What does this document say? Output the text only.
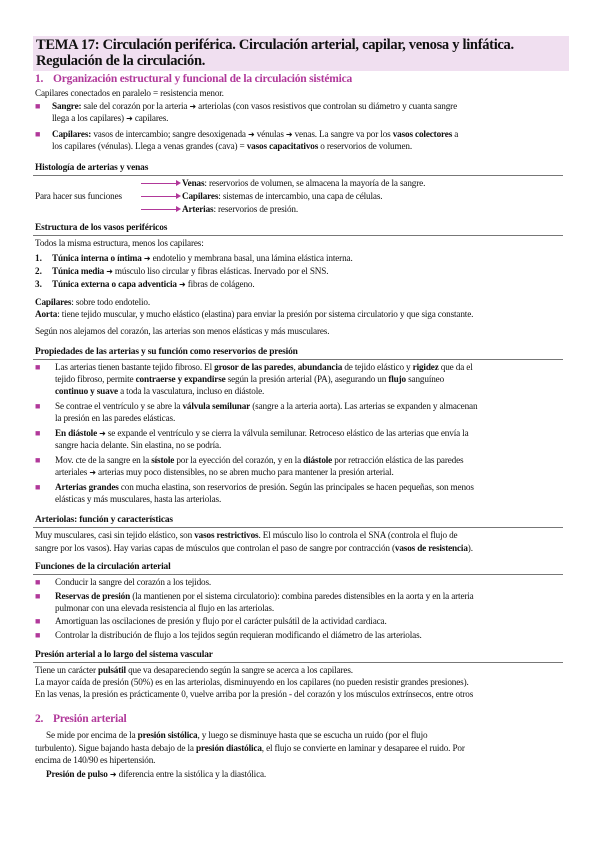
TEMA 17: Circulación periférica. Circulación arterial, capilar, venosa y linfática.
Regulación de la circulación.
1. Organización estructural y funcional de la circulación sistémica
Capilares conectados en paralelo = resistencia menor.
■ Sangre: sale del corazón por la arteria ➜ arteriolas (con vasos resistivos que controlan su diámetro y cuanta sangre
llega a los capilares) ➜ capilares.
■ Capilares: vasos de intercambio; sangre desoxigenada ➜ vénulas ➜ venas. La sangre va por los vasos colectores a
los capilares (vénulas). Llega a venas grandes (cava) = vasos capacitativos o reservorios de volumen.
Histología de arterias y venas
Venas: reservorios de volumen, se almacena la mayoría de la sangre.
Para hacer sus funciones	Capilares: sistemas de intercambio, una capa de células.
Arterias: reservorios de presión.
Estructura de los vasos periféricos
Todos la misma estructura, menos los capilares:
1. Túnica interna o íntima ➜ endotelio y membrana basal, una lámina elástica interna.
2. Túnica media ➜ músculo liso circular y fibras elásticas. Inervado por el SNS.
3. Túnica externa o capa adventicia ➜ fibras de colágeno.
Capilares: sobre todo endotelio.
Aorta: tiene tejido muscular, y mucho elástico (elastina) para enviar la presión por sistema circulatorio y que siga constante.
Según nos alejamos del corazón, las arterias son menos elásticas y más musculares.
Propiedades de las arterias y su función como reservorios de presión
■ Las arterias tienen bastante tejido fibroso. El grosor de las paredes, abundancia de tejido elástico y rigidez que da el
tejido fibroso, permite contraerse y expandirse según la presión arterial (PA), asegurando un flujo sanguíneo
continuo y suave a toda la vasculatura, incluso en diástole.
■ Se contrae el ventrículo y se abre la válvula semilunar (sangre a la arteria aorta). Las arterias se expanden y almacenan
la presión en las paredes elásticas.
■ En diástole ➜ se expande el ventrículo y se cierra la válvula semilunar. Retroceso elástico de las arterias que envía la
sangre hacia delante. Sin elastina, no se podría.
■ Mov. cte de la sangre en la sístole por la eyección del corazón, y en la diástole por retracción elástica de las paredes
arteriales ➜ arterias muy poco distensibles, no se abren mucho para mantener la presión arterial.
■ Arterias grandes con mucha elastina, son reservorios de presión. Según las principales se hacen pequeñas, son menos
elásticas y más musculares, hasta las arteriolas.
Arteriolas: función y características
Muy musculares, casi sin tejido elástico, son vasos restrictivos. El músculo liso lo controla el SNA (controla el flujo de
sangre por los vasos). Hay varias capas de músculos que controlan el paso de sangre por contracción (vasos de resistencia).
Funciones de la circulación arterial
■ Conducir la sangre del corazón a los tejidos.
■ Reservas de presión (la mantienen por el sistema circulatorio): combina paredes distensibles en la aorta y en la arteria
pulmonar con una elevada resistencia al flujo en las arteriolas.
■ Amortiguan las oscilaciones de presión y flujo por el carácter pulsátil de la actividad cardiaca.
■ Controlar la distribución de flujo a los tejidos según requieran modificando el diámetro de las arteriolas.
Presión arterial a lo largo del sistema vascular
Tiene un carácter pulsátil que va desapareciendo según la sangre se acerca a los capilares.
La mayor caída de presión (50%) es en las arteriolas, disminuyendo en los capilares (no pueden resistir grandes presiones).
En las venas, la presión es prácticamente 0, vuelve arriba por la presión - del corazón y los músculos extrínsecos, entre otros
2. Presión arterial
Se mide por encima de la presión sistólica, y luego se disminuye hasta que se escucha un ruido (por el flujo
turbulento). Sigue bajando hasta debajo de la presión diastólica, el flujo se convierte en laminar y desaparee el ruido. Por
encima de 140/90 es hipertensión.
Presión de pulso ➜ diferencia entre la sistólica y la diastólica.
